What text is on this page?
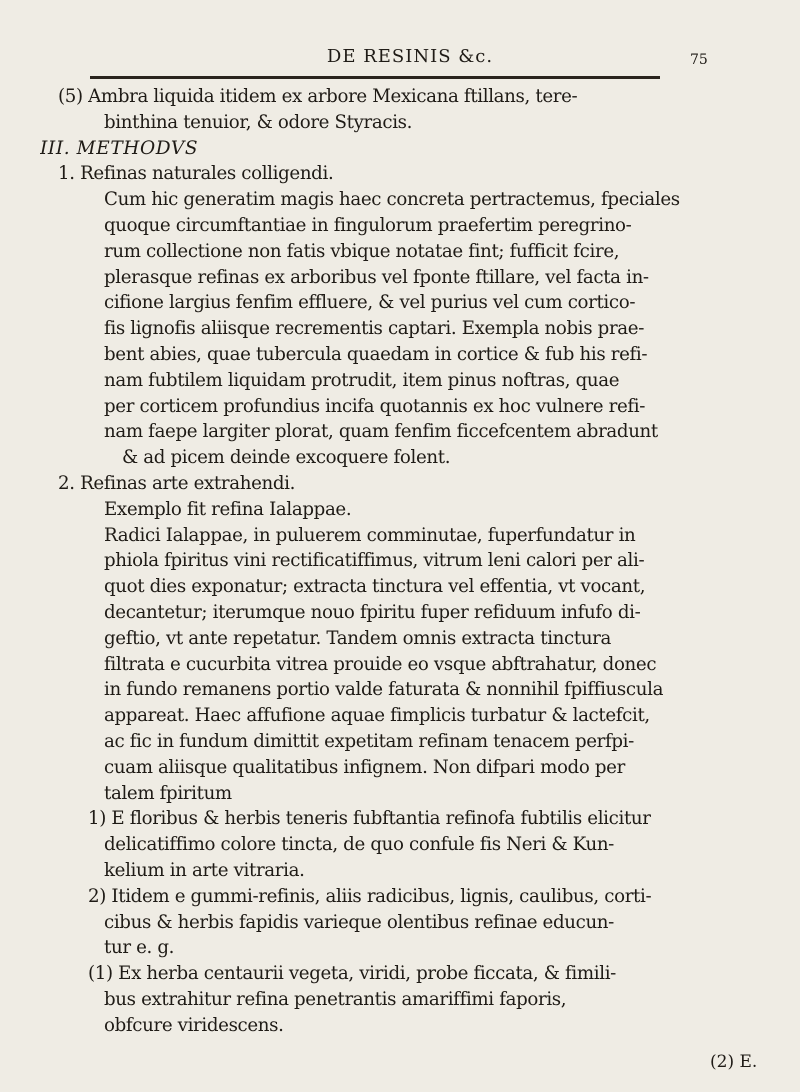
DE RESINIS &c.	75
(5) Ambra liquida itidem ex arbore Mexicana ftillans, tere-
binthina tenuior, & odore Styracis.
III. METHODVS
1. Refinas naturales colligendi.
Cum hic generatim magis haec concreta pertractemus, fpeciales
quoque circumftantiae in fingulorum praefertim peregrino-
rum collectione non fatis vbique notatae fint; fufficit fcire,
plerasque refinas ex arboribus vel fponte ftillare, vel facta in-
cifione largius fenfim effluere, & vel purius vel cum cortico-
fis lignofis aliisque recrementis captari. Exempla nobis prae-
bent abies, quae tubercula quaedam in cortice & fub his refi-
nam fubtilem liquidam protrudit, item pinus noftras, quae
per corticem profundius incifa quotannis ex hoc vulnere refi-
nam faepe largiter plorat, quam fenfim ficcefcentem abradunt
& ad picem deinde excoquere folent.
2. Refinas arte extrahendi.
Exemplo fit refina Ialappae.
Radici Ialappae, in puluerem comminutae, fuperfundatur in
phiola fpiritus vini rectificatiffimus, vitrum leni calori per ali-
quot dies exponatur; extracta tinctura vel effentia, vt vocant,
decantetur; iterumque nouo fpiritu fuper refiduum infufo di-
geftio, vt ante repetatur. Tandem omnis extracta tinctura
filtrata e cucurbita vitrea prouide eo vsque abftrahatur, donec
in fundo remanens portio valde faturata & nonnihil fpiffiuscula
appareat. Haec affufione aquae fimplicis turbatur & lactefcit,
ac fic in fundum dimittit expetitam refinam tenacem perfpi-
cuam aliisque qualitatibus infignem. Non difpari modo per
talem fpiritum
1) E floribus & herbis teneris fubftantia refinofa fubtilis elicitur
delicatiffimo colore tincta, de quo confule fis Neri & Kun-
kelium in arte vitraria.
2) Itidem e gummi-refinis, aliis radicibus, lignis, caulibus, corti-
cibus & herbis fapidis varieque olentibus refinae educun-
tur e. g.
(1) Ex herba centaurii vegeta, viridi, probe ficcata, & fimili-
bus extrahitur refina penetrantis amariffimi faporis,
obfcure viridescens.
(2) E.
